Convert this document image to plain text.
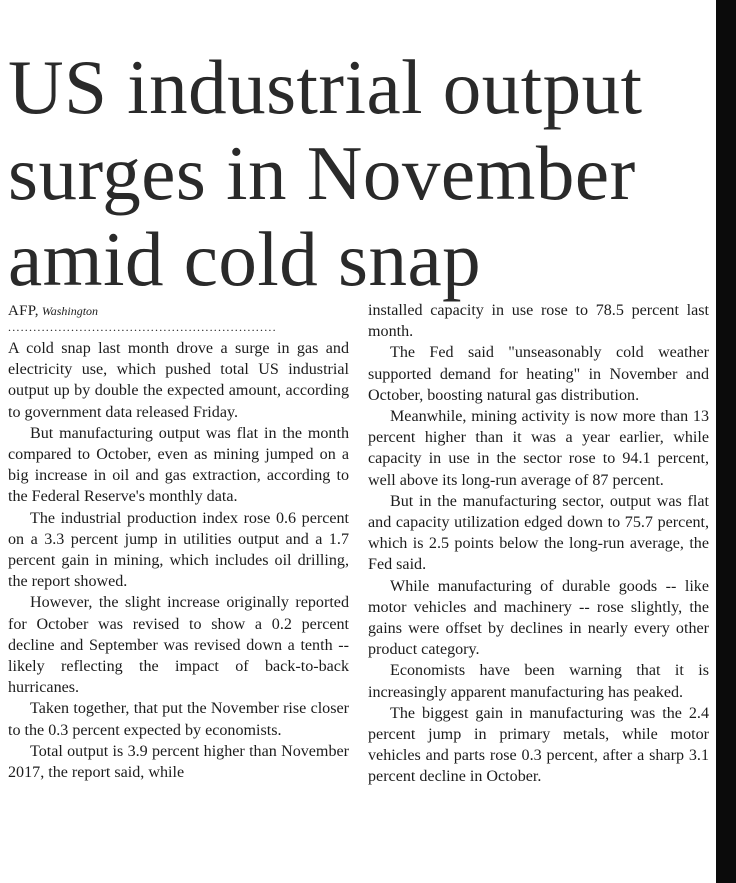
US industrial output
surges in November
amid cold snap
AFP, Washington
................................................................

A cold snap last month drove a surge in gas and electricity use, which pushed total US industrial output up by double the expected amount, according to government data released Friday.

But manufacturing output was flat in the month compared to October, even as mining jumped on a big increase in oil and gas extraction, according to the Federal Reserve's monthly data.

The industrial production index rose 0.6 percent on a 3.3 percent jump in utilities output and a 1.7 percent gain in mining, which includes oil drilling, the report showed.

However, the slight increase originally reported for October was revised to show a 0.2 percent decline and September was revised down a tenth -- likely reflecting the impact of back-to-back hurricanes.

Taken together, that put the November rise closer to the 0.3 percent expected by economists.

Total output is 3.9 percent higher than November 2017, the report said, while

installed capacity in use rose to 78.5 percent last month.

The Fed said "unseasonably cold weather supported demand for heating" in November and October, boosting natural gas distribution.

Meanwhile, mining activity is now more than 13 percent higher than it was a year earlier, while capacity in use in the sector rose to 94.1 percent, well above its long-run average of 87 percent.

But in the manufacturing sector, output was flat and capacity utilization edged down to 75.7 percent, which is 2.5 points below the long-run average, the Fed said.

While manufacturing of durable goods -- like motor vehicles and machinery -- rose slightly, the gains were offset by declines in nearly every other product category.

Economists have been warning that it is increasingly apparent manufacturing has peaked.

The biggest gain in manufacturing was the 2.4 percent jump in primary metals, while motor vehicles and parts rose 0.3 percent, after a sharp 3.1 percent decline in October.
